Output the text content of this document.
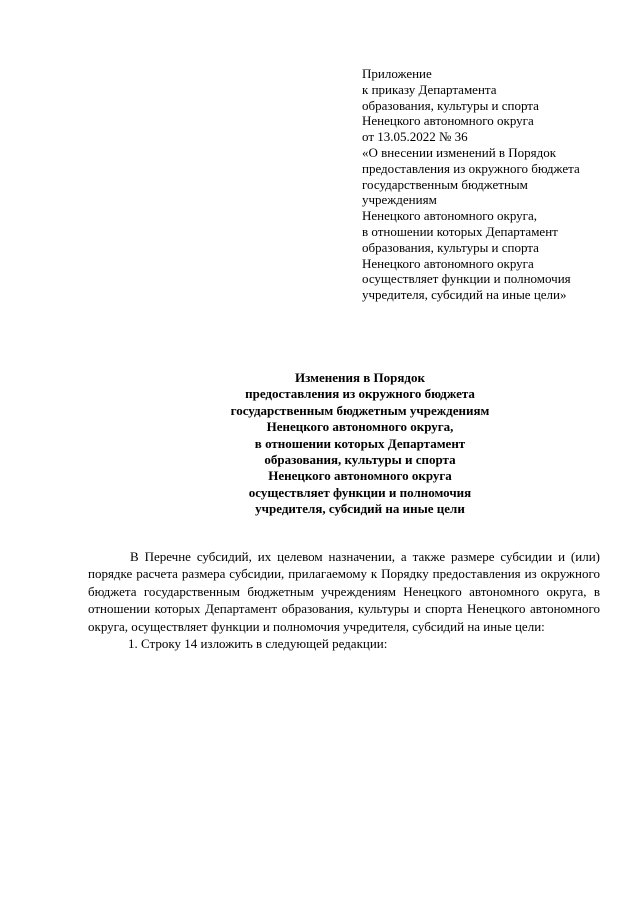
Приложение
к приказу Департамента
образования, культуры и спорта
Ненецкого автономного округа
от 13.05.2022 № 36
«О внесении изменений в Порядок
предоставления из окружного бюджета
государственным бюджетным
учреждениям
Ненецкого автономного округа,
в отношении которых Департамент
образования, культуры и спорта
Ненецкого автономного округа
осуществляет функции и полномочия
учредителя, субсидий на иные цели»
Изменения в Порядок
предоставления из окружного бюджета
государственным бюджетным учреждениям
Ненецкого автономного округа,
в отношении которых Департамент
образования, культуры и спорта
Ненецкого автономного округа
осуществляет функции и полномочия
учредителя, субсидий на иные цели

В Перечне субсидий, их целевом назначении, а также размере субсидии и (или) порядке расчета размера субсидии, прилагаемому к Порядку предоставления из окружного бюджета государственным бюджетным учреждениям Ненецкого автономного округа, в отношении которых Департамент образования, культуры и спорта Ненецкого автономного округа, осуществляет функции и полномочия учредителя, субсидий на иные цели:

1. Строку 14 изложить в следующей редакции:
